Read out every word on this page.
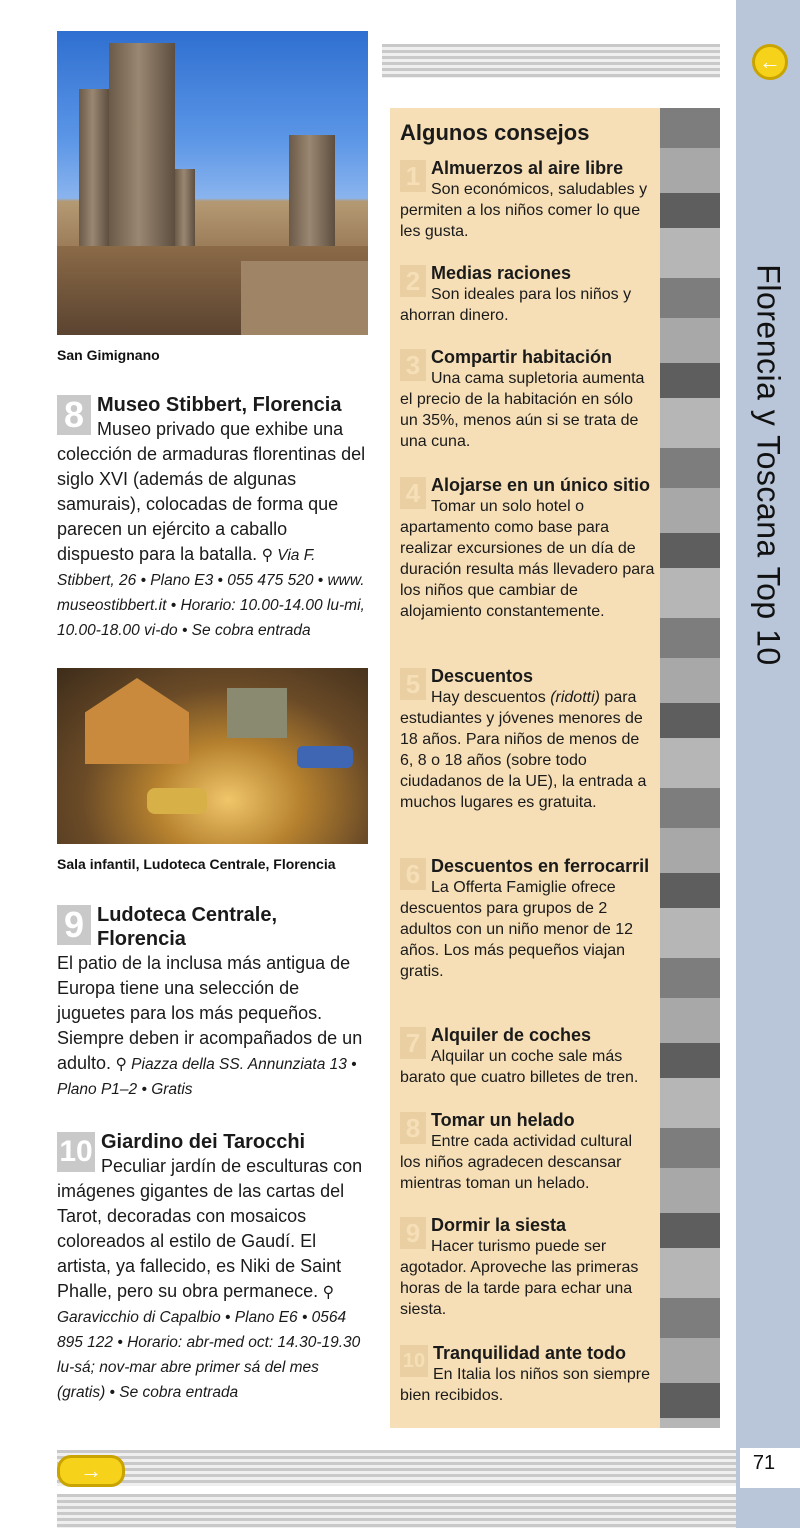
←
Florencia y Toscana Top 10
71
→
San Gimignano
8 Museo Stibbert, Florencia
Museo privado que exhibe una colección de armaduras florentinas del siglo XVI (además de algunas samurais), colocadas de forma que parecen un ejército a caballo dispuesto para la batalla. ⚲ Via F. Stibbert, 26 • Plano E3 • 055 475 520 • www. museostibbert.it • Horario: 10.00-14.00 lu-mi, 10.00-18.00 vi-do • Se cobra entrada
Sala infantil, Ludoteca Centrale, Florencia
9 Ludoteca Centrale, Florencia
El patio de la inclusa más antigua de Europa tiene una selección de juguetes para los más pequeños. Siempre deben ir acompañados de un adulto. ⚲ Piazza della SS. Annunziata 13 • Plano P1–2 • Gratis
10 Giardino dei Tarocchi
Peculiar jardín de esculturas con imágenes gigantes de las cartas del Tarot, decoradas con mosaicos coloreados al estilo de Gaudí. El artista, ya fallecido, es Niki de Saint Phalle, pero su obra permanece. ⚲ Garavicchio di Capalbio • Plano E6 • 0564 895 122 • Horario: abr-med oct: 14.30-19.30 lu-sá; nov-mar abre primer sá del mes (gratis) • Se cobra entrada
Algunos consejos
1 Almuerzos al aire libre
Son económicos, saludables y permiten a los niños comer lo que les gusta.
2 Medias raciones
Son ideales para los niños y ahorran dinero.
3 Compartir habitación
Una cama supletoria aumenta el precio de la habitación en sólo un 35%, menos aún si se trata de una cuna.
4 Alojarse en un único sitio
Tomar un solo hotel o apartamento como base para realizar excursiones de un día de duración resulta más llevadero para los niños que cambiar de alojamiento constantemente.
5 Descuentos
Hay descuentos (ridotti) para estudiantes y jóvenes menores de 18 años. Para niños de menos de 6, 8 o 18 años (sobre todo ciudadanos de la UE), la entrada a muchos lugares es gratuita.
6 Descuentos en ferrocarril
La Offerta Famiglie ofrece descuentos para grupos de 2 adultos con un niño menor de 12 años. Los más pequeños viajan gratis.
7 Alquiler de coches
Alquilar un coche sale más barato que cuatro billetes de tren.
8 Tomar un helado
Entre cada actividad cultural los niños agradecen descansar mientras toman un helado.
9 Dormir la siesta
Hacer turismo puede ser agotador. Aproveche las primeras horas de la tarde para echar una siesta.
10 Tranquilidad ante todo
En Italia los niños son siempre bien recibidos.
